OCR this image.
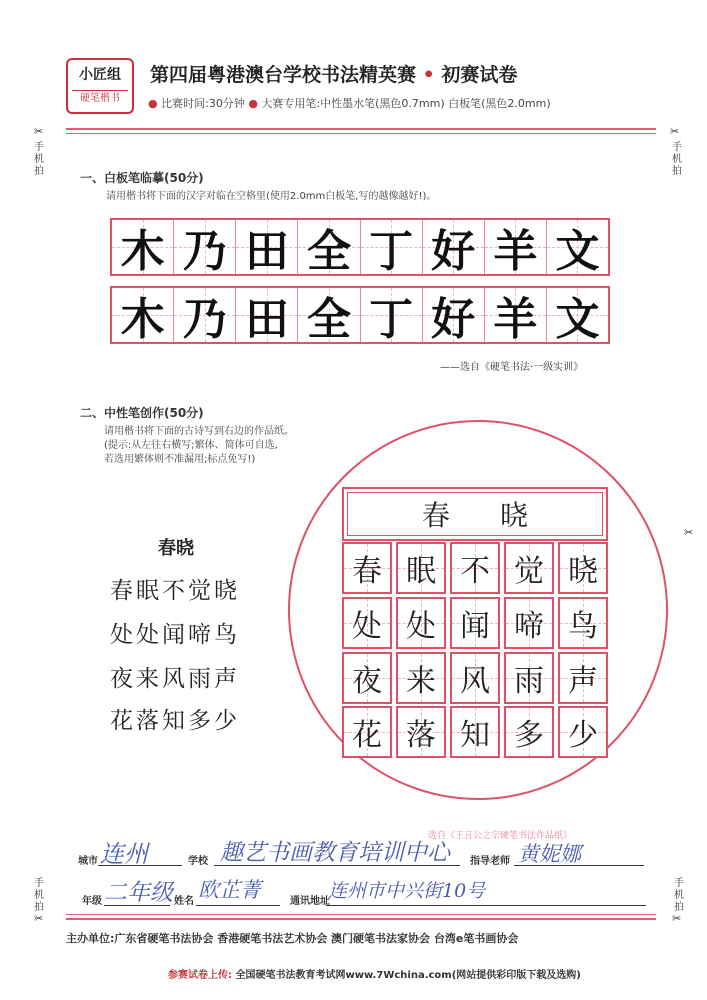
小匠组
硬笔楷书
第四届粤港澳台学校书法精英赛 • 初赛试卷
● 比赛时间:30分钟 ● 大赛专用笔:中性墨水笔(黑色0.7mm) 白板笔(黑色2.0mm)
✂
手机拍
✂
手机拍
✂
一、白板笔临摹(50分)
请用楷书将下面的汉字对临在空格里(使用2.0mm白板笔,写的越像越好!)。
木 乃 田 全 丁 好 羊 文
木 乃 田 全 丁 好 羊 文
——选自《硬笔书法·一级实训》
二、中性笔创作(50分)
请用楷书将下面的古诗写到右边的作品纸。
(提示:从左往右横写;繁体、简体可自选,
若选用繁体则不准漏用;标点免写!)
春晓
春眠不觉晓
处处闻啼鸟
夜来风雨声
花落知多少
春晓
春 眠 不 觉 晓
处 处 闻 啼 鸟
夜 来 风 雨 声
花 落 知 多 少
选自《王言公之宗硬笔书法作品纸》
城市 连州	学校 趣艺书画教育培训中心 指导老师 黄妮娜
年级 二年级 姓名 欧芷菁	通讯地址
连州市中兴街10号
手机拍
✂
手机拍
✂
主办单位:广东省硬笔书法协会 香港硬笔书法艺术协会 澳门硬笔书法家协会 台湾e笔书画协会
参赛试卷上传: 全国硬笔书法教育考试网www.7Wchina.com(网站提供彩印版下载及选购)
